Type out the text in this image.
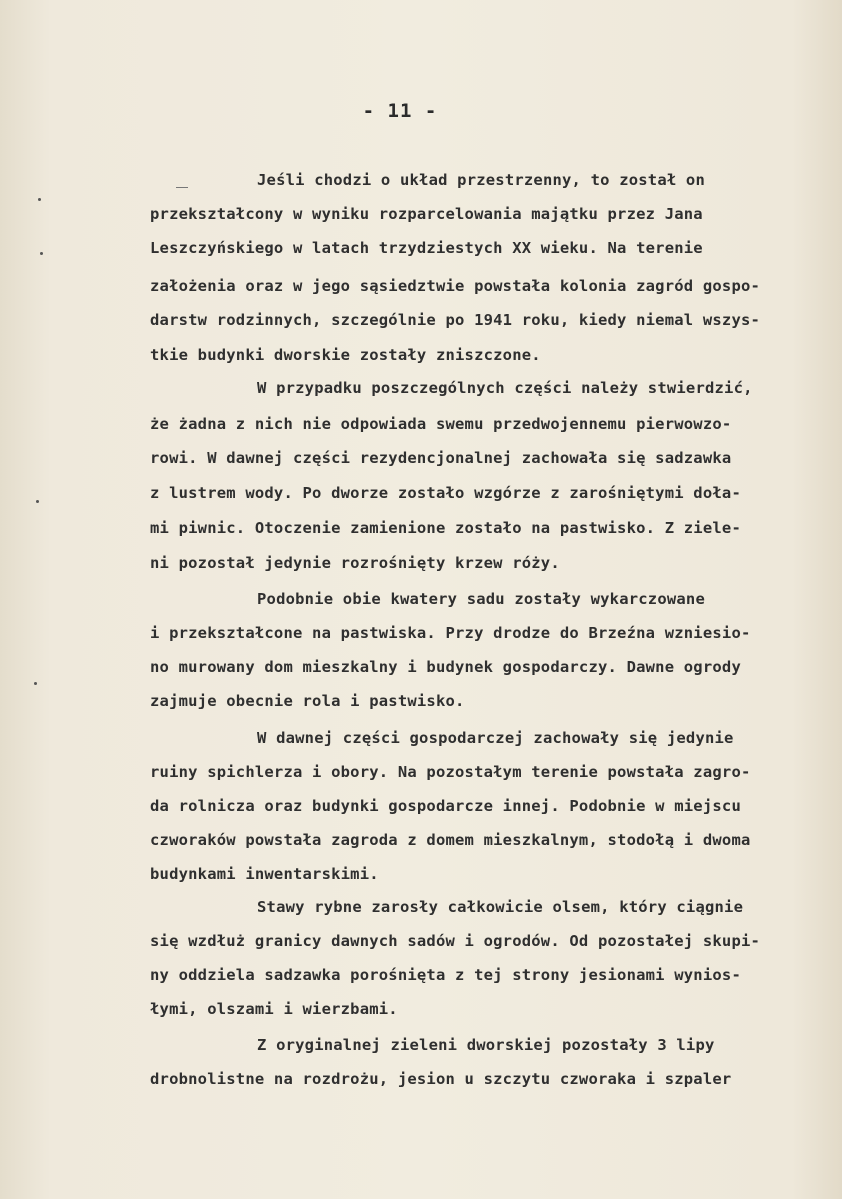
- 11 -
Jeśli chodzi o układ przestrzenny, to został on
przekształcony w wyniku rozparcelowania majątku przez Jana
Leszczyńskiego w latach trzydziestych XX wieku. Na terenie
założenia oraz w jego sąsiedztwie powstała kolonia zagród gospo-
darstw rodzinnych, szczególnie po 1941 roku, kiedy niemal wszys-
tkie budynki dworskie zostały zniszczone.
W przypadku poszczególnych części należy stwierdzić,
że żadna z nich nie odpowiada swemu przedwojennemu pierwowzo-
rowi. W dawnej części rezydencjonalnej zachowała się sadzawka
z lustrem wody. Po dworze zostało wzgórze z zarośniętymi doła-
mi piwnic. Otoczenie zamienione zostało na pastwisko. Z ziele-
ni pozostał jedynie rozrośnięty krzew róży.
Podobnie obie kwatery sadu zostały wykarczowane
i przekształcone na pastwiska. Przy drodze do Brzeźna wzniesio-
no murowany dom mieszkalny i budynek gospodarczy. Dawne ogrody
zajmuje obecnie rola i pastwisko.
W dawnej części gospodarczej zachowały się jedynie
ruiny spichlerza i obory. Na pozostałym terenie powstała zagro-
da rolnicza oraz budynki gospodarcze innej. Podobnie w miejscu
czworaków powstała zagroda z domem mieszkalnym, stodołą i dwoma
budynkami inwentarskimi.
Stawy rybne zarosły całkowicie olsem, który ciągnie
się wzdłuż granicy dawnych sadów i ogrodów. Od pozostałej skupi-
ny oddziela sadzawka porośnięta z tej strony jesionami wynios-
łymi, olszami i wierzbami.
Z oryginalnej zieleni dworskiej pozostały 3 lipy
drobnolistne na rozdrożu, jesion u szczytu czworaka i szpaler
